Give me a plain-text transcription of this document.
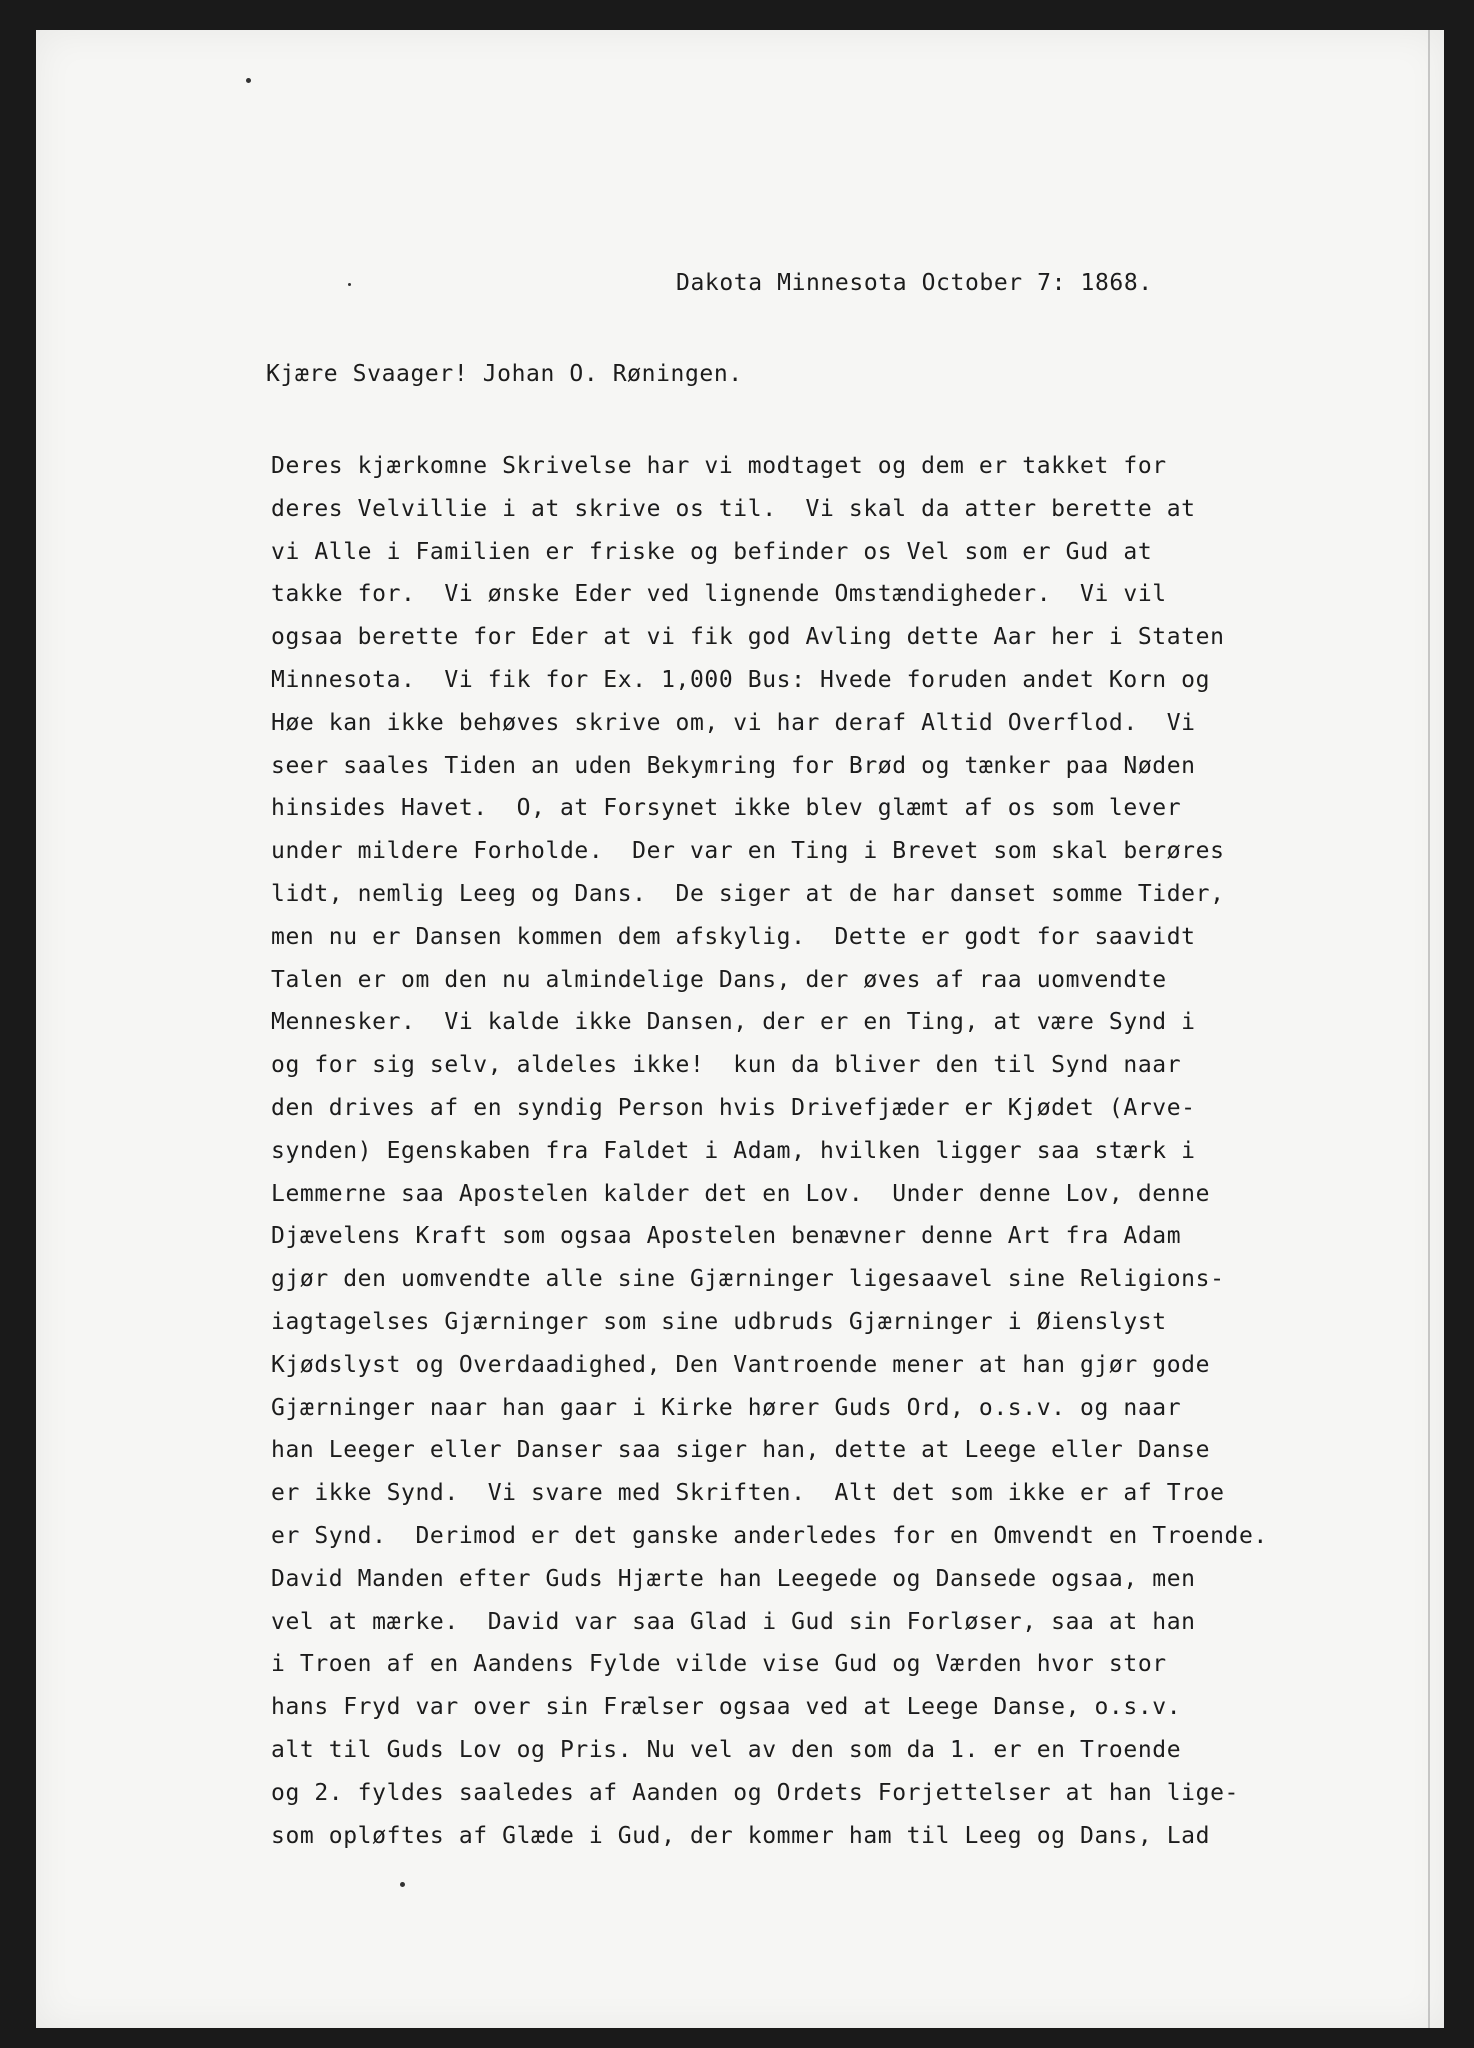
Dakota Minnesota October 7: 1868.
Kjære Svaager! Johan O. Røningen.
Deres kjærkomne Skrivelse har vi modtaget og dem er takket for
deres Velvillie i at skrive os til.  Vi skal da atter berette at
vi Alle i Familien er friske og befinder os Vel som er Gud at
takke for.  Vi ønske Eder ved lignende Omstændigheder.  Vi vil
ogsaa berette for Eder at vi fik god Avling dette Aar her i Staten
Minnesota.  Vi fik for Ex. 1,000 Bus: Hvede foruden andet Korn og
Høe kan ikke behøves skrive om, vi har deraf Altid Overflod.  Vi
seer saales Tiden an uden Bekymring for Brød og tænker paa Nøden
hinsides Havet.  O, at Forsynet ikke blev glæmt af os som lever
under mildere Forholde.  Der var en Ting i Brevet som skal berøres
lidt, nemlig Leeg og Dans.  De siger at de har danset somme Tider,
men nu er Dansen kommen dem afskylig.  Dette er godt for saavidt
Talen er om den nu almindelige Dans, der øves af raa uomvendte
Mennesker.  Vi kalde ikke Dansen, der er en Ting, at være Synd i
og for sig selv, aldeles ikke!  kun da bliver den til Synd naar
den drives af en syndig Person hvis Drivefjæder er Kjødet (Arve-
synden) Egenskaben fra Faldet i Adam, hvilken ligger saa stærk i
Lemmerne saa Apostelen kalder det en Lov.  Under denne Lov, denne
Djævelens Kraft som ogsaa Apostelen benævner denne Art fra Adam
gjør den uomvendte alle sine Gjærninger ligesaavel sine Religions-
iagtagelses Gjærninger som sine udbruds Gjærninger i Øienslyst
Kjødslyst og Overdaadighed, Den Vantroende mener at han gjør gode
Gjærninger naar han gaar i Kirke hører Guds Ord, o.s.v. og naar
han Leeger eller Danser saa siger han, dette at Leege eller Danse
er ikke Synd.  Vi svare med Skriften.  Alt det som ikke er af Troe
er Synd.  Derimod er det ganske anderledes for en Omvendt en Troende.
David Manden efter Guds Hjærte han Leegede og Dansede ogsaa, men
vel at mærke.  David var saa Glad i Gud sin Forløser, saa at han
i Troen af en Aandens Fylde vilde vise Gud og Værden hvor stor
hans Fryd var over sin Frælser ogsaa ved at Leege Danse, o.s.v.
alt til Guds Lov og Pris. Nu vel av den som da 1. er en Troende
og 2. fyldes saaledes af Aanden og Ordets Forjettelser at han lige-
som opløftes af Glæde i Gud, der kommer ham til Leeg og Dans, Lad
